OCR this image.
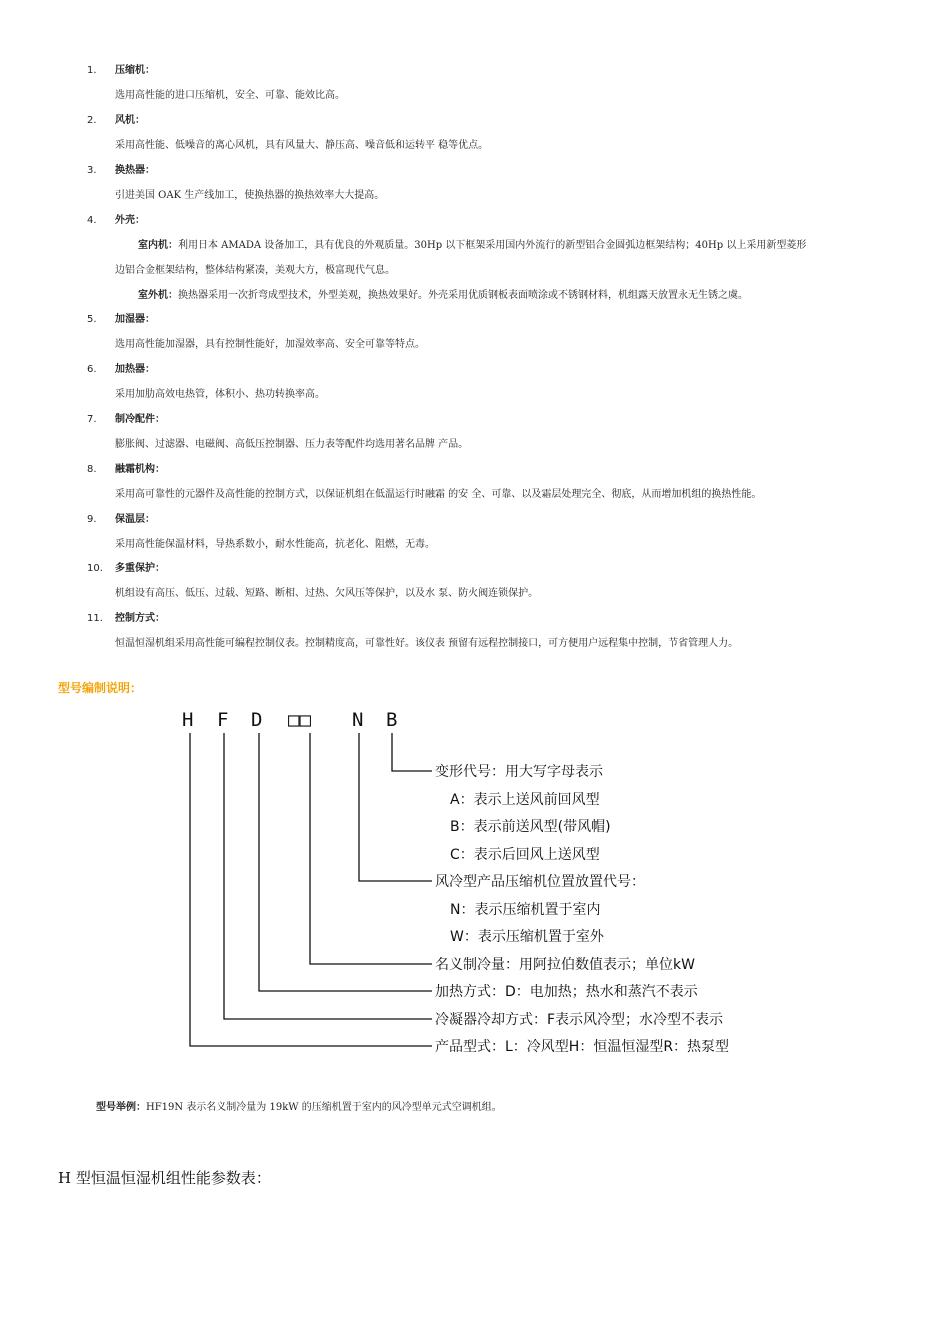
1. 压缩机：
选用高性能的进口压缩机，安全、可靠、能效比高。
2. 风机：
采用高性能、低噪音的离心风机，具有风量大、静压高、噪音低和运转平 稳等优点。
3. 换热器：
引进美国 OAK 生产线加工，使换热器的换热效率大大提高。
4. 外壳：
室内机：利用日本 AMADA 设备加工，具有优良的外观质量。30Hp 以下框架采用国内外流行的新型铝合金圆弧边框架结构；40Hp 以上采用新型菱形
边铝合金框架结构，整体结构紧凑，美观大方，极富现代气息。
室外机：换热器采用一次折弯成型技术，外型美观，换热效果好。外壳采用优质钢板表面喷涂或不锈钢材料，机组露天放置永无生锈之虞。
5. 加湿器：
选用高性能加湿器，具有控制性能好，加湿效率高、安全可靠等特点。
6. 加热器：
采用加肋高效电热管，体积小、热功转换率高。
7. 制冷配件：
膨胀阀、过滤器、电磁阀、高低压控制器、压力表等配件均选用著名品牌 产品。
8. 融霜机构：
采用高可靠性的元器件及高性能的控制方式，以保证机组在低温运行时融霜 的安 全、可靠、以及霜层处理完全、彻底，从而增加机组的换热性能。
9. 保温层：
采用高性能保温材料，导热系数小，耐水性能高，抗老化、阻燃，无毒。
10. 多重保护：
机组设有高压、低压、过载、短路、断相、过热、欠风压等保护，以及水 泵、防火阀连锁保护。
11. 控制方式：
恒温恒湿机组采用高性能可编程控制仪表。控制精度高，可靠性好。该仪表 预留有远程控制接口，可方便用户远程集中控制，节省管理人力。
型号编制说明：
H F D □□ N B
变形代号：用大写字母表示
A：表示上送风前回风型
B：表示前送风型(带风帽)
C：表示后回风上送风型
风冷型产品压缩机位置放置代号：
N：表示压缩机置于室内
W：表示压缩机置于室外
名义制冷量：用阿拉伯数值表示；单位kW
加热方式：D：电加热；热水和蒸汽不表示
冷凝器冷却方式：F表示风冷型；水冷型不表示
产品型式：L：冷风型H：恒温恒湿型R：热泵型
型号举例：HF19N 表示名义制冷量为 19kW 的压缩机置于室内的风冷型单元式空调机组。
H 型恒温恒湿机组性能参数表：
